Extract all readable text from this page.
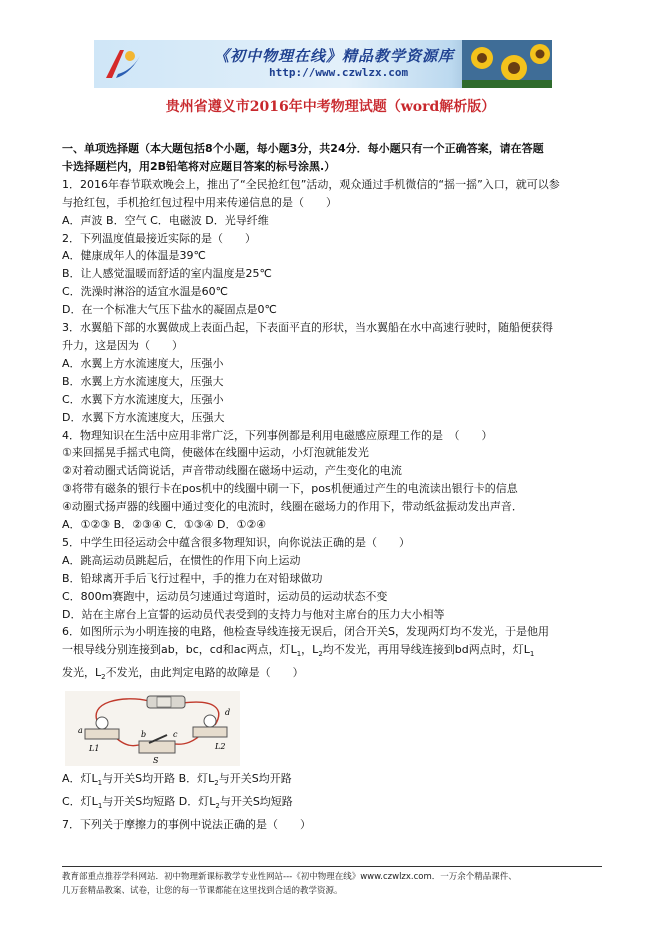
《初中物理在线》精品教学资源库
http://www.czwlzx.com
贵州省遵义市2016年中考物理试题（word解析版）
一、单项选择题（本大题包括8个小题，每小题3分，共24分．每小题只有一个正确答案，请在答题
卡选择题栏内，用2B铅笔将对应题目答案的标号涂黑.）
1．2016年春节联欢晚会上，推出了“全民抢红包”活动，观众通过手机微信的“摇一摇”入口，就可以参
与抢红包，手机抢红包过程中用来传递信息的是（　　）
A．声波 B．空气 C．电磁波 D．光导纤维
2．下列温度值最接近实际的是（　　）
A．健康成年人的体温是39℃
B．让人感觉温暖而舒适的室内温度是25℃
C．洗澡时淋浴的适宜水温是60℃
D．在一个标准大气压下盐水的凝固点是0℃
3．水翼船下部的水翼做成上表面凸起，下表面平直的形状，当水翼船在水中高速行驶时，随船便获得
升力，这是因为（　　）
A．水翼上方水流速度大，压强小
B．水翼上方水流速度大，压强大
C．水翼下方水流速度大，压强小
D．水翼下方水流速度大，压强大
4．物理知识在生活中应用非常广泛，下列事例都是利用电磁感应原理工作的是　（　　）
①来回摇晃手摇式电筒，使磁体在线圈中运动，小灯泡就能发光
②对着动圈式话筒说话，声音带动线圈在磁场中运动，产生变化的电流
③将带有磁条的银行卡在pos机中的线圈中刷一下，pos机便通过产生的电流读出银行卡的信息
④动圈式扬声器的线圈中通过变化的电流时，线圈在磁场力的作用下，带动纸盆振动发出声音．
A．①②③ B．②③④ C．①③④ D．①②④
5．中学生田径运动会中蕴含很多物理知识，向你说法正确的是（　　）
A．跳高运动员跳起后，在惯性的作用下向上运动
B．铅球离开手后飞行过程中，手的推力在对铅球做功
C．800m赛跑中，运动员匀速通过弯道时，运动员的运动状态不变
D．站在主席台上宣誓的运动员代表受到的支持力与他对主席台的压力大小相等
6．如图所示为小明连接的电路，他检查导线连接无误后，闭合开关S，发现两灯均不发光，于是他用
一根导线分别连接到ab，bc，cd和ac两点，灯$L_1$，$L_2$均不发光，再用导线连接到bd两点时，灯$L_1$
发光，$L_2$不发光，由此判定电路的故障是（　　）
a	b	c
d
L1	L2
S
A．灯$L_1$与开关S均开路 B．灯$L_2$与开关S均开路
C．灯$L_1$与开关S均短路 D．灯$L_2$与开关S均短路
7．下列关于摩擦力的事例中说法正确的是（　　）
教育部重点推荐学科网站．初中物理新课标教学专业性网站---《初中物理在线》www.czwlzx.com．一万余个精品课件、
几万套精品教案、试卷，让您的每一节课都能在这里找到合适的教学资源。
